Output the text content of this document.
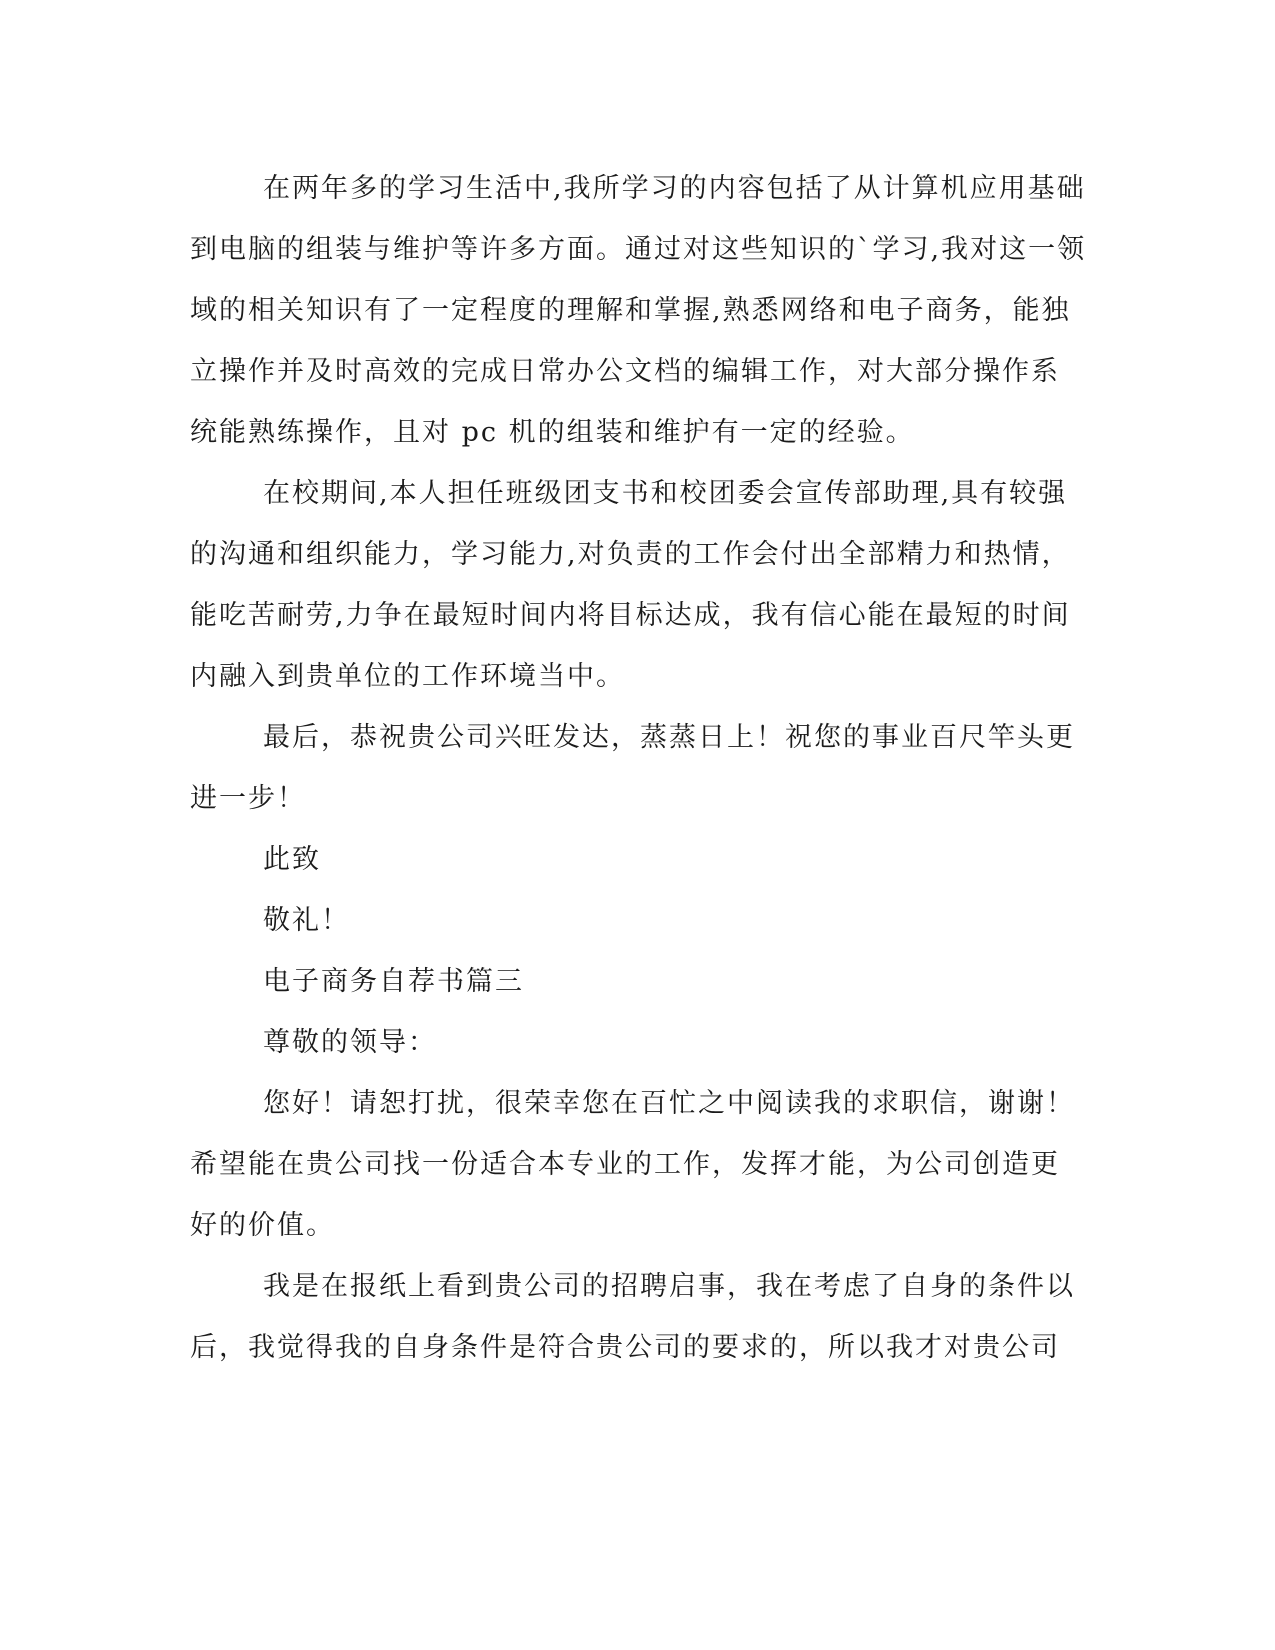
在两年多的学习生活中,我所学习的内容包括了从计算机应用基础
到电脑的组装与维护等许多方面。通过对这些知识的`学习,我对这一领
域的相关知识有了一定程度的理解和掌握,熟悉网络和电子商务，能独
立操作并及时高效的完成日常办公文档的编辑工作，对大部分操作系
统能熟练操作，且对 pc 机的组装和维护有一定的经验。
在校期间,本人担任班级团支书和校团委会宣传部助理,具有较强
的沟通和组织能力，学习能力,对负责的工作会付出全部精力和热情，
能吃苦耐劳,力争在最短时间内将目标达成，我有信心能在最短的时间
内融入到贵单位的工作环境当中。
最后，恭祝贵公司兴旺发达，蒸蒸日上！祝您的事业百尺竿头更
进一步！
此致
敬礼！
电子商务自荐书篇三
尊敬的领导：
您好！请恕打扰，很荣幸您在百忙之中阅读我的求职信，谢谢！
希望能在贵公司找一份适合本专业的工作，发挥才能，为公司创造更
好的价值。
我是在报纸上看到贵公司的招聘启事，我在考虑了自身的条件以
后，我觉得我的自身条件是符合贵公司的要求的，所以我才对贵公司
